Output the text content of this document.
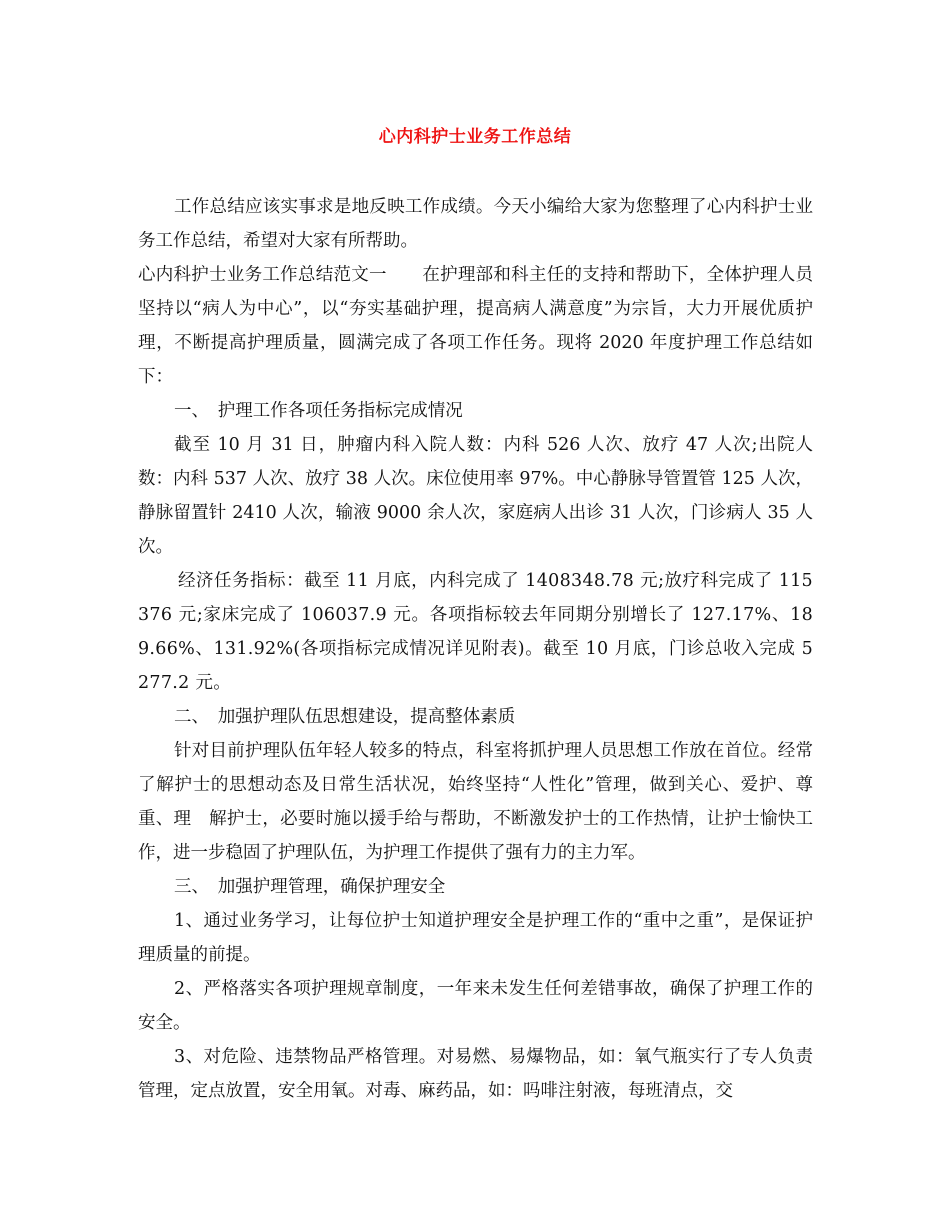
心内科护士业务工作总结

工作总结应该实事求是地反映工作成绩。今天小编给大家为您整理了心内科护士业务工作总结，希望对大家有所帮助。

心内科护士业务工作总结范文一　　在护理部和科主任的支持和帮助下，全体护理人员坚持以“病人为中心”，以“夯实基础护理，提高病人满意度”为宗旨，大力开展优质护理，不断提高护理质量，圆满完成了各项工作任务。现将 2020 年度护理工作总结如下：

一、　护理工作各项任务指标完成情况

截至 10 月 31 日，肿瘤内科入院人数：内科 526 人次、放疗 47 人次;出院人数：内科 537 人次、放疗 38 人次。床位使用率 97%。中心静脉导管置管 125 人次，静脉留置针 2410 人次，输液 9000 余人次，家庭病人出诊 31 人次，门诊病人 35 人次。

经济任务指标：截至 11 月底，内科完成了 1408348.78 元;放疗科完成了 115376 元;家床完成了 106037.9 元。各项指标较去年同期分别增长了 127.17%、189.66%、131.92%(各项指标完成情况详见附表)。截至 10 月底，门诊总收入完成 5277.2 元。

二、　加强护理队伍思想建设，提高整体素质

针对目前护理队伍年轻人较多的特点，科室将抓护理人员思想工作放在首位。经常了解护士的思想动态及日常生活状况，始终坚持“人性化”管理，做到关心、爱护、尊重、理　解护士，必要时施以援手给与帮助，不断激发护士的工作热情，让护士愉快工作，进一步稳固了护理队伍，为护理工作提供了强有力的主力军。

三、　加强护理管理，确保护理安全

1、通过业务学习，让每位护士知道护理安全是护理工作的“重中之重”，是保证护理质量的前提。

2、严格落实各项护理规章制度，一年来未发生任何差错事故，确保了护理工作的安全。

3、对危险、违禁物品严格管理。对易燃、易爆物品，如：氧气瓶实行了专人负责管理，定点放置，安全用氧。对毒、麻药品，如：吗啡注射液，每班清点，交
